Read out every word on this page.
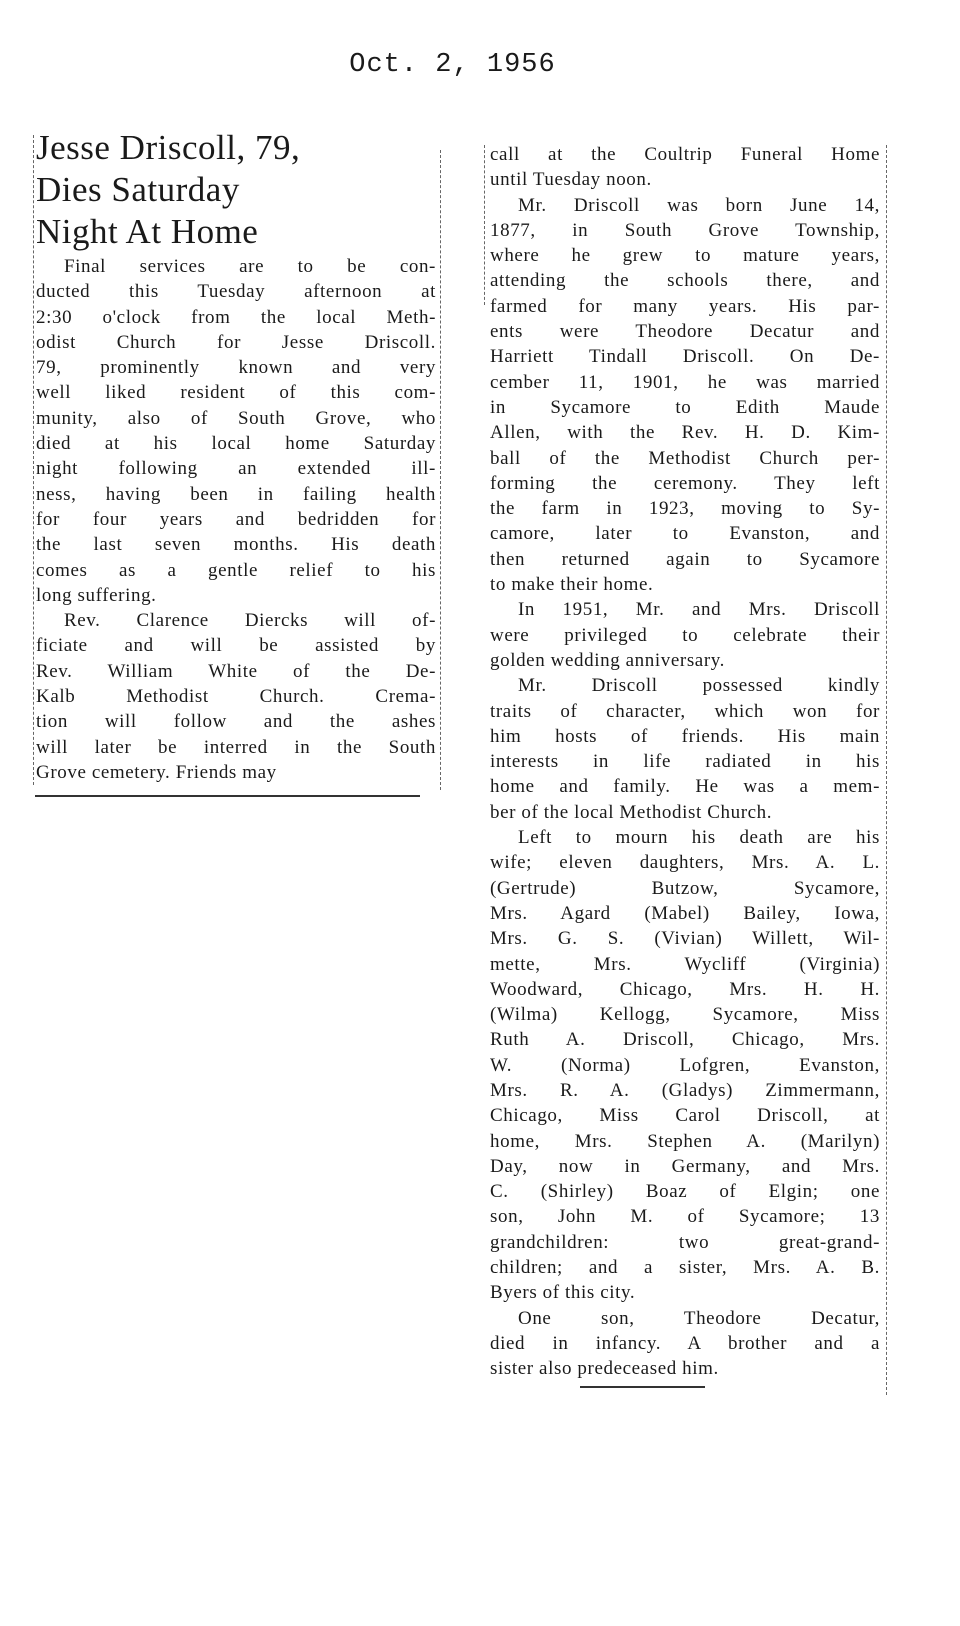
Oct. 2, 1956
Jesse Driscoll, 79,
Dies Saturday
Night At Home
Final services are to be con-
ducted this Tuesday afternoon at
2:30 o'clock from the local Meth-
odist Church for Jesse Driscoll.
79, prominently known and very
well liked resident of this com-
munity, also of South Grove, who
died at his local home Saturday
night following an extended ill-
ness, having been in failing health
for four years and bedridden for
the last seven months. His death
comes as a gentle relief to his
long suffering.
Rev. Clarence Diercks will of-
ficiate and will be assisted by
Rev. William White of the De-
Kalb Methodist Church. Crema-
tion will follow and the ashes
will later be interred in the South
Grove cemetery. Friends may
call at the Coultrip Funeral Home
until Tuesday noon.
Mr. Driscoll was born June 14,
1877, in South Grove Township,
where he grew to mature years,
attending the schools there, and
farmed for many years. His par-
ents were Theodore Decatur and
Harriett Tindall Driscoll. On De-
cember 11, 1901, he was married
in Sycamore to Edith Maude
Allen, with the Rev. H. D. Kim-
ball of the Methodist Church per-
forming the ceremony. They left
the farm in 1923, moving to Sy-
camore, later to Evanston, and
then returned again to Sycamore
to make their home.
In 1951, Mr. and Mrs. Driscoll
were privileged to celebrate their
golden wedding anniversary.
Mr. Driscoll possessed kindly
traits of character, which won for
him hosts of friends. His main
interests in life radiated in his
home and family. He was a mem-
ber of the local Methodist Church.
Left to mourn his death are his
wife; eleven daughters, Mrs. A. L.
(Gertrude) Butzow, Sycamore,
Mrs. Agard (Mabel) Bailey, Iowa,
Mrs. G. S. (Vivian) Willett, Wil-
mette, Mrs. Wycliff (Virginia)
Woodward, Chicago, Mrs. H. H.
(Wilma) Kellogg, Sycamore, Miss
Ruth A. Driscoll, Chicago, Mrs.
W. (Norma) Lofgren, Evanston,
Mrs. R. A. (Gladys) Zimmermann,
Chicago, Miss Carol Driscoll, at
home, Mrs. Stephen A. (Marilyn)
Day, now in Germany, and Mrs.
C. (Shirley) Boaz of Elgin; one
son, John M. of Sycamore; 13
grandchildren: two great-grand-
children; and a sister, Mrs. A. B.
Byers of this city.
One son, Theodore Decatur,
died in infancy. A brother and a
sister also predeceased him.
